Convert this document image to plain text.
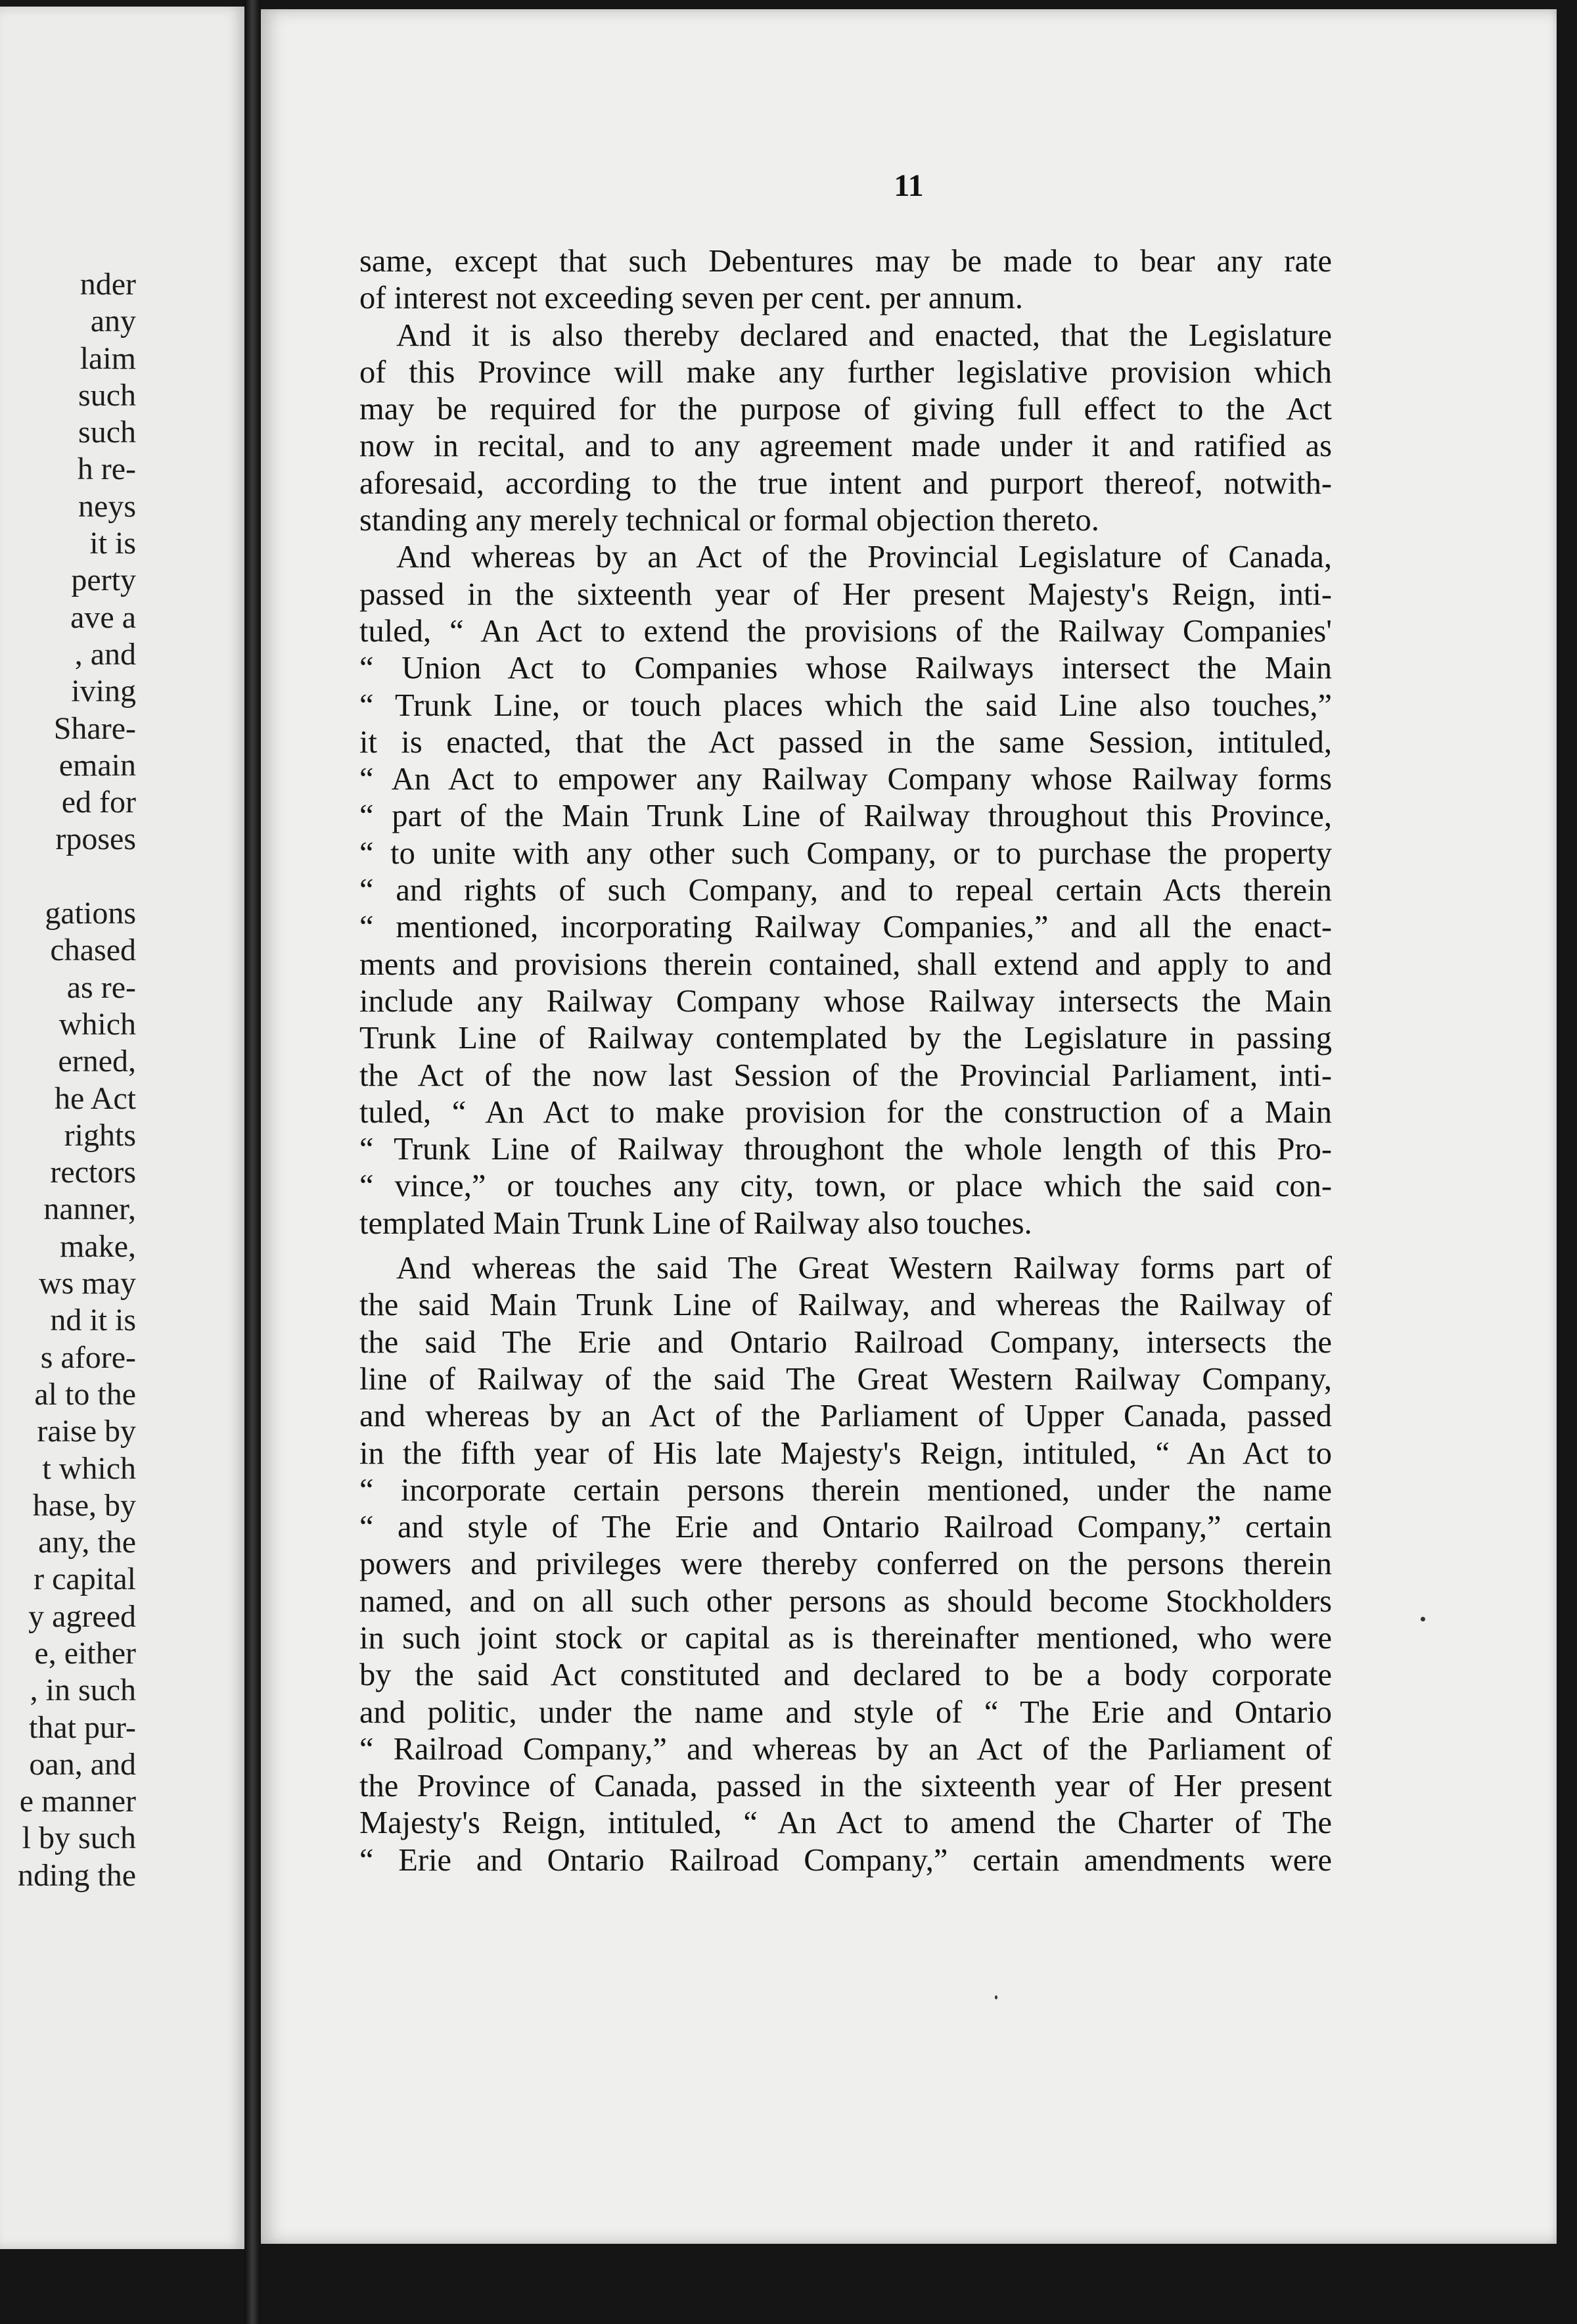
nder
any
laim
such
such
h re-
neys
it is
perty
ave a
, and
iving
Share-
emain
ed for
rposes
gations
chased
as re-
which
erned,
he Act
rights
rectors
nanner,
make,
ws may
nd it is
s afore-
al to the
raise by
t which
hase, by
any, the
r capital
y agreed
e, either
, in such
that pur-
oan, and
e manner
l by such
nding the
11
same, except that such Debentures may be made to bear any rate
of interest not exceeding seven per cent. per annum.
And it is also thereby declared and enacted, that the Legislature
of this Province will make any further legislative provision which
may be required for the purpose of giving full effect to the Act
now in recital, and to any agreement made under it and ratified as
aforesaid, according to the true intent and purport thereof, notwith-
standing any merely technical or formal objection thereto.
And whereas by an Act of the Provincial Legislature of Canada,
passed in the sixteenth year of Her present Majesty's Reign, inti-
tuled, “ An Act to extend the provisions of the Railway Companies'
“ Union Act to Companies whose Railways intersect the Main
“ Trunk Line, or touch places which the said Line also touches,”
it is enacted, that the Act passed in the same Session, intituled,
“ An Act to empower any Railway Company whose Railway forms
“ part of the Main Trunk Line of Railway throughout this Province,
“ to unite with any other such Company, or to purchase the property
“ and rights of such Company, and to repeal certain Acts therein
“ mentioned, incorporating Railway Companies,” and all the enact-
ments and provisions therein contained, shall extend and apply to and
include any Railway Company whose Railway intersects the Main
Trunk Line of Railway contemplated by the Legislature in passing
the Act of the now last Session of the Provincial Parliament, inti-
tuled, “ An Act to make provision for the construction of a Main
“ Trunk Line of Railway throughont the whole length of this Pro-
“ vince,” or touches any city, town, or place which the said con-
templated Main Trunk Line of Railway also touches.
And whereas the said The Great Western Railway forms part of
the said Main Trunk Line of Railway, and whereas the Railway of
the said The Erie and Ontario Railroad Company, intersects the
line of Railway of the said The Great Western Railway Company,
and whereas by an Act of the Parliament of Upper Canada, passed
in the fifth year of His late Majesty's Reign, intituled, “ An Act to
“ incorporate certain persons therein mentioned, under the name
“ and style of The Erie and Ontario Railroad Company,” certain
powers and privileges were thereby conferred on the persons therein
named, and on all such other persons as should become Stockholders
in such joint stock or capital as is thereinafter mentioned, who were
by the said Act constituted and declared to be a body corporate
and politic, under the name and style of “ The Erie and Ontario
“ Railroad Company,” and whereas by an Act of the Parliament of
the Province of Canada, passed in the sixteenth year of Her present
Majesty's Reign, intituled, “ An Act to amend the Charter of The
“ Erie and Ontario Railroad Company,” certain amendments were
